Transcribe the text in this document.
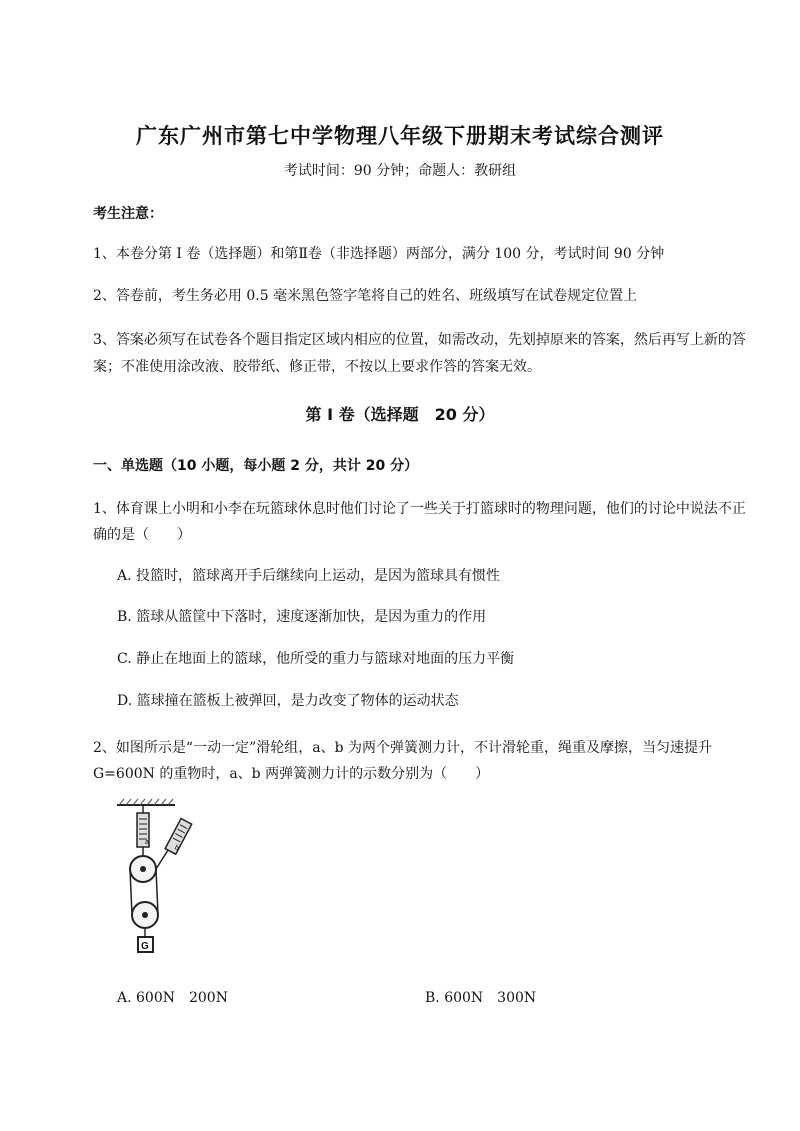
广东广州市第七中学物理八年级下册期末考试综合测评
考试时间：90 分钟；命题人：教研组
考生注意：
1、本卷分第 I 卷（选择题）和第Ⅱ卷（非选择题）两部分，满分 100 分，考试时间 90 分钟
2、答卷前，考生务必用 0.5 毫米黑色签字笔将自己的姓名、班级填写在试卷规定位置上
3、答案必须写在试卷各个题目指定区域内相应的位置，如需改动，先划掉原来的答案，然后再写上新的答案；不准使用涂改液、胶带纸、修正带，不按以上要求作答的答案无效。
第 I 卷（选择题　20 分）
一、单选题（10 小题，每小题 2 分，共计 20 分）
1、体育课上小明和小李在玩篮球休息时他们讨论了一些关于打篮球时的物理问题，他们的讨论中说法不正确的是（　　）
A. 投篮时，篮球离开手后继续向上运动，是因为篮球具有惯性
B. 篮球从篮筐中下落时，速度逐渐加快，是因为重力的作用
C. 静止在地面上的篮球，他所受的重力与篮球对地面的压力平衡
D. 篮球撞在篮板上被弹回，是力改变了物体的运动状态
2、如图所示是“一动一定”滑轮组，a、b 为两个弹簧测力计，不计滑轮重，绳重及摩擦，当匀速提升 G=600N 的重物时，a、b 两弹簧测力计的示数分别为（　　）
a
b
G
A. 600N　200N	B. 600N　300N
